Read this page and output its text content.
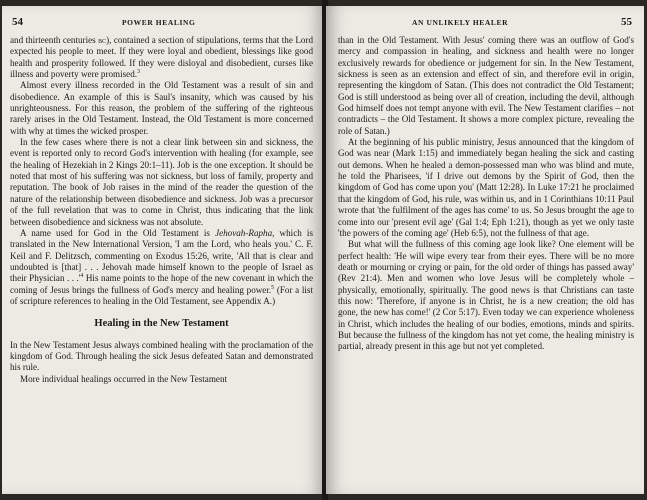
54	POWER HEALING

and thirteenth centuries bc), contained a section of stipulations, terms that the Lord expected his people to meet. If they were loyal and obedient, blessings like good health and prosperity followed. If they were disloyal and disobedient, curses like illness and poverty were promised.$^3$

Almost every illness recorded in the Old Testament was a result of sin and disobedience. An example of this is Saul's insanity, which was caused by his unrighteousness. For this reason, the problem of the suffering of the righteous rarely arises in the Old Testament. Instead, the Old Testament is more concerned with why at times the wicked prosper.

In the few cases where there is not a clear link between sin and sickness, the event is reported only to record God's intervention with healing (for example, see the healing of Hezekiah in 2 Kings 20:1–11). Job is the one exception. It should be noted that most of his suffering was not sickness, but loss of family, property and reputation. The book of Job raises in the mind of the reader the question of the nature of the relationship between disobedience and sickness. Job was a precursor of the full revelation that was to come in Christ, thus indicating that the link between disobedience and sickness was not absolute.

A name used for God in the Old Testament is Jehovah-Rapha, which is translated in the New International Version, 'I am the Lord, who heals you.' C. F. Keil and F. Delitzsch, commenting on Exodus 15:26, write, 'All that is clear and undoubted is [that] . . . Jehovah made himself known to the people of Israel as their Physician . . $.'^4$ His name points to the hope of the new covenant in which the coming of Jesus brings the fullness of God's mercy and healing power.$^5$ (For a list of scripture references to healing in the Old Testament, see Appendix A.)

Healing in the New Testament

In the New Testament Jesus always combined healing with the proclamation of the kingdom of God. Through healing the sick Jesus defeated Satan and demonstrated his rule.

More individual healings occurred in the New Testament

AN UNLIKELY HEALER	55

than in the Old Testament. With Jesus' coming there was an outflow of God's mercy and compassion in healing, and sickness and health were no longer exclusively rewards for obedience or judgement for sin. In the New Testament, sickness is seen as an extension and effect of sin, and therefore evil in origin, representing the kingdom of Satan. (This does not contradict the Old Testament; God is still understood as being over all of creation, including the devil, although God himself does not tempt anyone with evil. The New Testament clarifies – not contradicts – the Old Testament. It shows a more complex picture, revealing the role of Satan.)

At the beginning of his public ministry, Jesus announced that the kingdom of God was near (Mark 1:15) and immediately began healing the sick and casting out demons. When he healed a demon-possessed man who was blind and mute, he told the Pharisees, 'if I drive out demons by the Spirit of God, then the kingdom of God has come upon you' (Matt 12:28). In Luke 17:21 he proclaimed that the kingdom of God, his rule, was within us, and in 1 Corinthians 10:11 Paul wrote that 'the fulfilment of the ages has come' to us. So Jesus brought the age to come into our 'present evil age' (Gal 1:4; Eph 1:21), though as yet we only taste 'the powers of the coming age' (Heb 6:5), not the fullness of that age.

But what will the fullness of this coming age look like? One element will be perfect health: 'He will wipe every tear from their eyes. There will be no more death or mourning or crying or pain, for the old order of things has passed away' (Rev 21:4). Men and women who love Jesus will be completely whole – physically, emotionally, spiritually. The good news is that Christians can taste this now: 'Therefore, if anyone is in Christ, he is a new creation; the old has gone, the new has come!' (2 Cor 5:17). Even today we can experience wholeness in Christ, which includes the healing of our bodies, emotions, minds and spirits. But because the fullness of the kingdom has not yet come, the healing ministry is partial, already present in this age but not yet completed.
